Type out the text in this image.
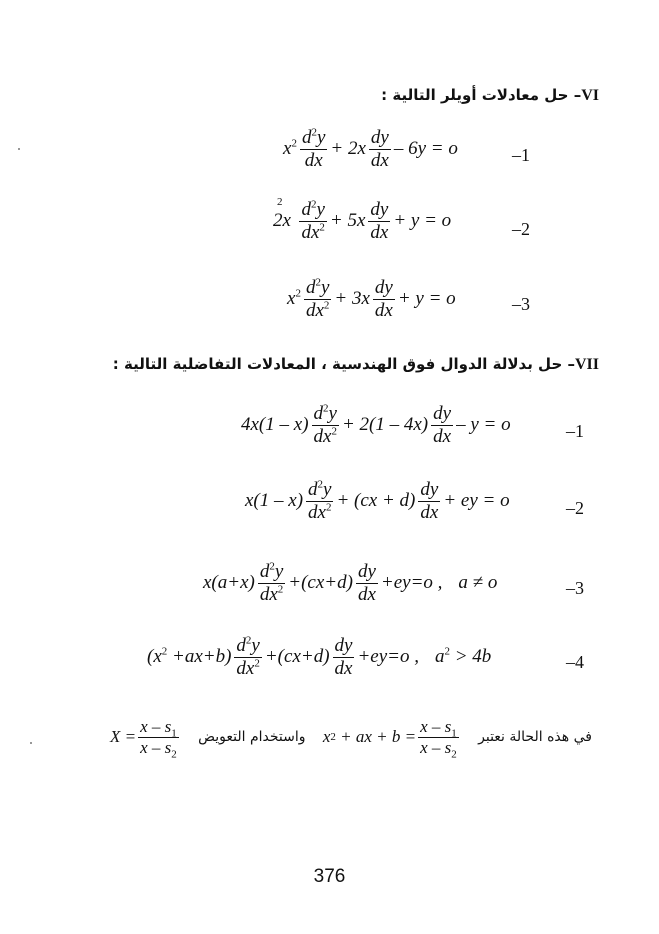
VI– حل معادلات أويلر التالية :
$x^2 \frac{d^2y}{dx} + 2x \frac{dy}{dx} - 6y = o$	–1
$2x^2 \frac{d^2y}{dx^2} + 5x \frac{dy}{dx} + y = o$	–2
$x^2 \frac{d^2y}{dx^2} + 3x \frac{dy}{dx} + y = o$	–3
VII– حل بدلالة الدوال فوق الهندسية ، المعادلات التفاضلية التالية :
$4x(1 - x) \frac{d^2y}{dx^2} + 2(1 - 4x) \frac{dy}{dx} - y = o$	–1
$x(1 - x) \frac{d^2y}{dx^2} + (cx + d) \frac{dy}{dx}$ + ey = o	–2
$x(a+x) \frac{d^2y}{dx^2} +(cx+d) \frac{dy}{dx} +ey=o$ , a ≠ o	–3
$(x^2 +ax+b) \frac{d^2y}{dx^2} +(cx+d) \frac{dy}{dx} +ey=o$ , $a^2 > 4b$	–4
$X = \frac{x - s_1}{x - s_2}$ واستخدام التعويض x 2
+ ax + $b = \frac{x - s_1}{x - s_2}$ في هذه الحالة نعتبر
376
